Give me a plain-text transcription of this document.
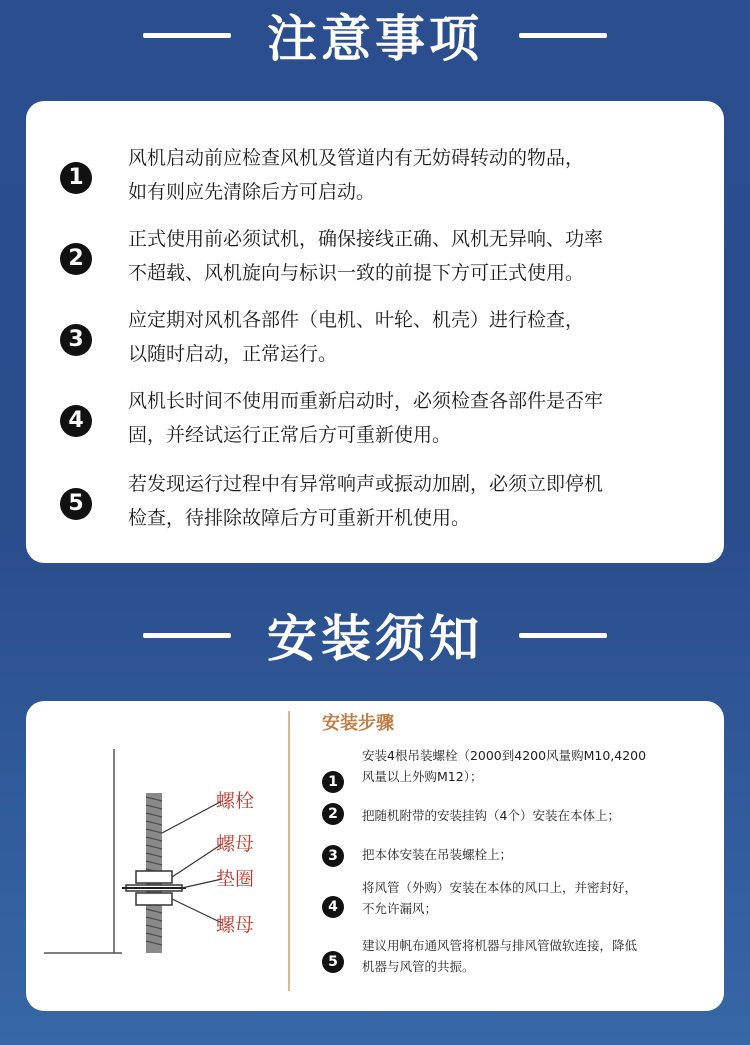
注意事项
1
风机启动前应检查风机及管道内有无妨碍转动的物品，
如有则应先清除后方可启动。
2
正式使用前必须试机，确保接线正确、风机无异响、功率
不超载、风机旋向与标识一致的前提下方可正式使用。
3
应定期对风机各部件（电机、叶轮、机壳）进行检查，
以随时启动，正常运行。
4
风机长时间不使用而重新启动时，必须检查各部件是否牢
固，并经试运行正常后方可重新使用。
5
若发现运行过程中有异常响声或振动加剧，必须立即停机
检查，待排除故障后方可重新开机使用。
安装须知
螺栓
螺母
垫圈
螺母
安装步骤
1
安装4根吊装螺栓（2000到4200风量购M10,4200
风量以上外购M12）；
2	把随机附带的安装挂钩（4个）安装在本体上；
3	把本体安装在吊装螺栓上；
4
将风管（外购）安装在本体的风口上，并密封好，
不允许漏风；
5
建议用帆布通风管将机器与排风管做软连接，降低
机器与风管的共振。
